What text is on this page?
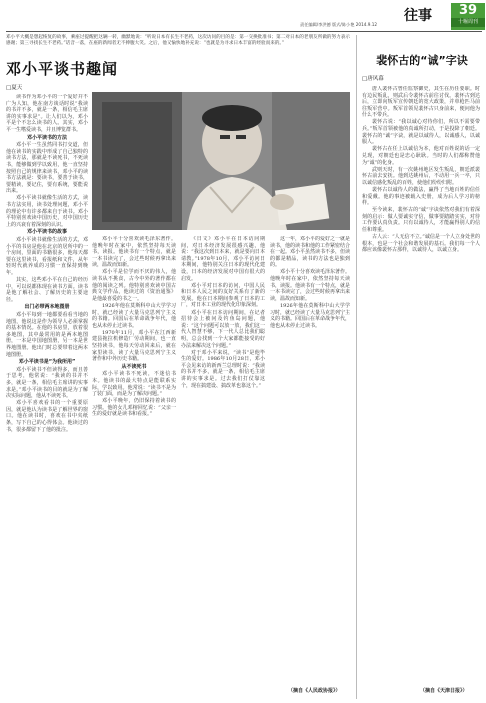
往事
责任编辑/李洪德 版式/陈小艳 2014.9.12
39
十堰周刊
邓小平大概是想起恢复的故事，乘座过提醒把这辆一转，幽默地说：“听说日本有长生不老药，这次访问的目的是：第一交换批准书；第二对日本的老朋友所做的努力表示感谢；第三寻找长生不老药。”话音一落，在座的新闻者无不捧腹大笑。之后，他又愉快地补充说：“也就是为寻求日本丰富的经验而来的。”
邓小平谈书趣闻
□夏天

读书作为邓小平的一个爱好并不广为人知，他在南方谈话时说“我读的书并不多，就是一条，相信毛主席讲的实事求是”。让人们以为，邓小平是个不怎么读书的人。其实，邓小平一生嗜爱读书，并且博览群书。

邓小平读书的方法

邓小平一生虽然同书打交道，但他在读书的实践中形成了自己独特的读书方法，那就是不读死书，不死读书，能够做到学以致用，他一直坚持按照自己的规律来读书，邓小平的读书方法就是：要读书，要善于读书，要精读，要记住，要有系统，要能说出来。

邓小平读书就像生活的方式，读书方法实用，读书处理问题，邓小平的理论中有许多都来自于读书。邓小平特别喜欢读中国历史，对中国历史上的兴衰有着深刻的认识。

邓小平读书的故事

邓小平读书就像生活的方式，邓小平的书房是他在北京的居所中的一个房间，里面的书籍很多，他每天都要在这里读书，看报纸和文件，从年轻时代就养成的习惯一直保持到晚年。

其实，这些邓小平在自己的经历中，可以说都体现在读书方面。读书是他了解社会、了解历史的主要途径。

出门必带两本地图册

邓小平每到一地都要看看当地的地图，他说这是作为领导人必须掌握的基本情况。在他的书房里，放着很多地图，其中最常用的是两本地图册，一本是中国地图册，另一本是世界地图册。他出门时总要带着这两本地图册。

邓小平读书是“为我所用”

邓小平读书不但读得多，而且善于思考，他常说：“我读的书并不多，就是一条，相信毛主席讲的实事求是。”邓小平读书的目的就是为了解决实际问题，他从不读死书。

邓小平喜欢看书的一个重要原因，就是他认为读书是了解世界的窗口。他在读书时，喜欢在书中夹纸条，写下自己的心得体会。他读过的书，很多都留下了他的批注。

邓小平十分喜欢读毛泽东著作。他晚年时在家中，依然坚持每天读书，读报。他读书有一个特点，就是一本书读完了，会过些时候再拿出来读，温故而知新。

邓小平是位学而不厌的伟人，他读书从不挑食，古今中外的著作都在他的阅读之列。他特别喜欢读中国古典文学作品，他读过的《资治通鉴》是他最喜爱的书之一。

1926年他在莫斯科中山大学学习时，就已经读了大量马克思列宁主义的书籍。回国后在革命战争年代，他也从未停止过读书。

1970年11月，邓小平在江西新建县拖拉机修造厂劳动期间，也一直坚持读书，他每天劳动回来后，就在家里读书，读了大量马克思列宁主义著作和中外历史书籍。

从不读死书

邓小平读书不死读，不迷信书本。他读书的最大特点是能联系实际，学以致用。他常说：“读书不是为了装门面，而是为了解决问题。”

邓小平晚年，仍旧保持着读书的习惯。他的女儿邓榕回忆说：“父亲一生的爱好就是读书和看报。”

《日文》邓小平在日本访问期间，对日本经济发展很感兴趣，他说：“我这次到日本来，就是要向日本请教。”1978年10月，邓小平访问日本期间，他特别关注日本的现代化建设，日本的经济发展对中国有很大的启发。

邓小平对日本的访问，中国人民和日本人民之间的友好关系有了新的发展。他在日本期间参观了日本的工厂，对日本工业的现代化印象深刻。

邓小平在日本访问期间，在记者招待会上被问及钓鱼岛问题，他说：“这个问题可以放一放，我们这一代人智慧不够，下一代人总比我们聪明，总会找到一个大家都能接受的好办法来解决这个问题。”

对于邓小平来说，“读书”是他毕生的爱好。1986年10月28日，邓小平会见来访的新西兰总理时说：“我读的书并不多，就是一条，相信毛主席讲的实事求是。过去我们打仗靠这个，现在搞建设、搞改革也靠这个。”

这一年，邓小平的爱好之一就是读书，他的读书和他的工作紧密结合在一起。邓小平虽然读书不多，但读的都是精品，读书的方法也是独到的。

邓小平十分喜欢读毛泽东著作。他晚年时在家中，依然坚持每天读书，读报。他读书有一个特点，就是一本书读完了，会过些时候再拿出来读，温故而知新。

1926年他在莫斯科中山大学学习时，就已经读了大量马克思列宁主义的书籍。回国后在革命战争年代，他也从未停止过读书。

（摘自《人民政协报》）
裴怀古的“诚”字诀
□唐风幕

唐人裴怀古曾任监察御史，其生在历任要职。时有边民叛乱，则武后令裴怀古前往讨伐。裴怀古到达后，立即向叛军宣传朝廷的宽大政策，并单枪匹马前往叛军营中。叛军首领见裴怀古只身前来，便问他为什么不带兵。

裴怀古说：“我以诚心对待你们，所以不需要带兵。”叛军首领被他的真诚所打动，于是投降了朝廷。裴怀古的“诚”字诀，就是以诚待人，以诚感人，以诚服人。

裴怀古在任上以诚信为本，他对百姓说的话一定兑现，对朝廷也是忠心耿耿。当时的人们都称赞他为“诚”的化身。

武则天时，有一次姚州地区发生叛乱，朝廷派裴怀古前去安抚。他到达姚州后，不动用一兵一卒，只以诚信感化叛乱的百姓，使他们纷纷归附。

裴怀古以诚待人的做法，赢得了当地百姓的信任和爱戴。他的事迹被载入史册，成为后人学习的榜样。

至今读来，裴怀古的“诚”字诀依然对我们有着深刻的启示：做人要诚实守信，做事要踏踏实实，对待工作要认真负责。只有以诚待人，才能赢得别人的信任和尊重。

古人云：“人无信不立。”诚信是一个人立身处世的根本，也是一个社会和谐发展的基石。我们每一个人都应该像裴怀古那样，以诚待人，以诚立身。

（摘自《天津日报》）
